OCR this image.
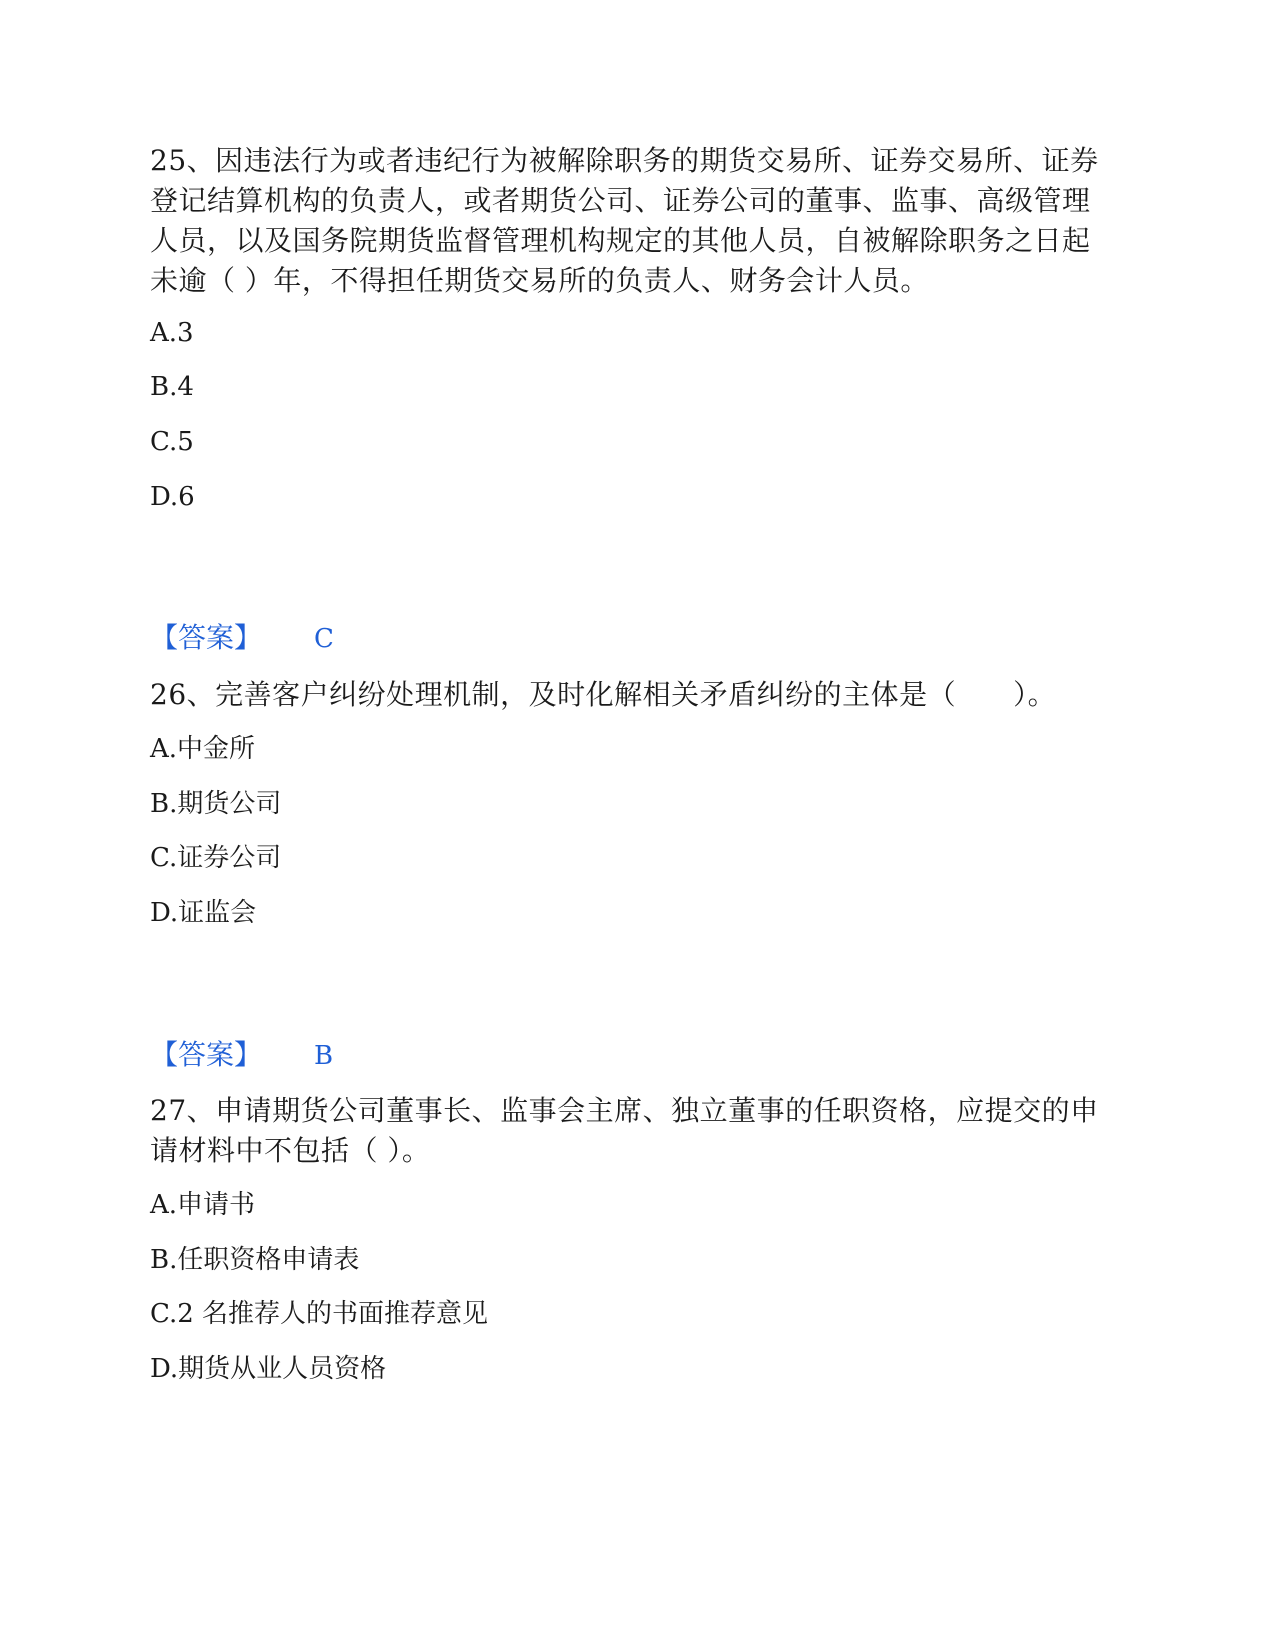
25、因违法行为或者违纪行为被解除职务的期货交易所、证券交易所、证券登记结算机构的负责人，或者期货公司、证券公司的董事、监事、高级管理人员，以及国务院期货监督管理机构规定的其他人员，自被解除职务之日起未逾（ ）年，不得担任期货交易所的负责人、财务会计人员。

A.3

B.4

C.5

D.6

【答案】 C

26、完善客户纠纷处理机制，及时化解相关矛盾纠纷的主体是（　　）。

A.中金所

B.期货公司

C.证券公司

D.证监会

【答案】 B

27、申请期货公司董事长、监事会主席、独立董事的任职资格，应提交的申请材料中不包括（ ）。

A.申请书

B.任职资格申请表

C.2 名推荐人的书面推荐意见

D.期货从业人员资格
